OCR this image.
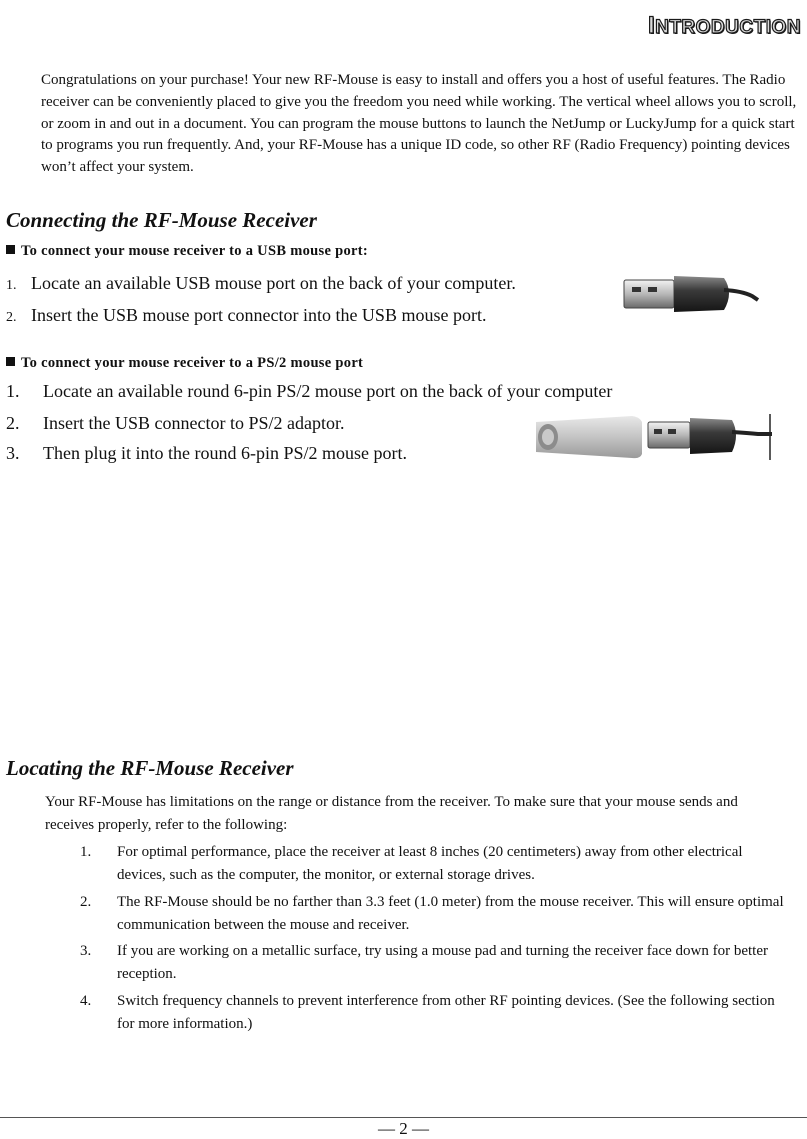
INTRODUCTION
Congratulations on your purchase! Your new RF-Mouse is easy to install and offers you a host of useful features. The Radio receiver can be conveniently placed to give you the freedom you need while working. The vertical wheel allows you to scroll, or zoom in and out in a document. You can program the mouse buttons to launch the NetJump or LuckyJump for a quick start to programs you run frequently. And, your RF-Mouse has a unique ID code, so other RF (Radio Frequency) pointing devices won’t affect your system.
Connecting the RF-Mouse Receiver
To connect your mouse receiver to a USB mouse port:
1. Locate an available USB mouse port on the back of your computer.
2. Insert the USB mouse port connector into the USB mouse port.
To connect your mouse receiver to a PS/2 mouse port
1. Locate an available round 6-pin PS/2 mouse port on the back of your computer
2. Insert the USB connector to PS/2 adaptor.
3. Then plug it into the round 6-pin PS/2 mouse port.
Locating the RF-Mouse Receiver
Your RF-Mouse has limitations on the range or distance from the receiver. To make sure that your mouse sends and receives properly, refer to the following:
1. For optimal performance, place the receiver at least 8 inches (20 centimeters) away from other electrical devices, such as the computer, the monitor, or external storage drives.
2. The RF-Mouse should be no farther than 3.3 feet (1.0 meter) from the mouse receiver. This will ensure optimal communication between the mouse and receiver.
3. If you are working on a metallic surface, try using a mouse pad and turning the receiver face down for better reception.
4. Switch frequency channels to prevent interference from other RF pointing devices. (See the following section for more information.)
— 2 —
